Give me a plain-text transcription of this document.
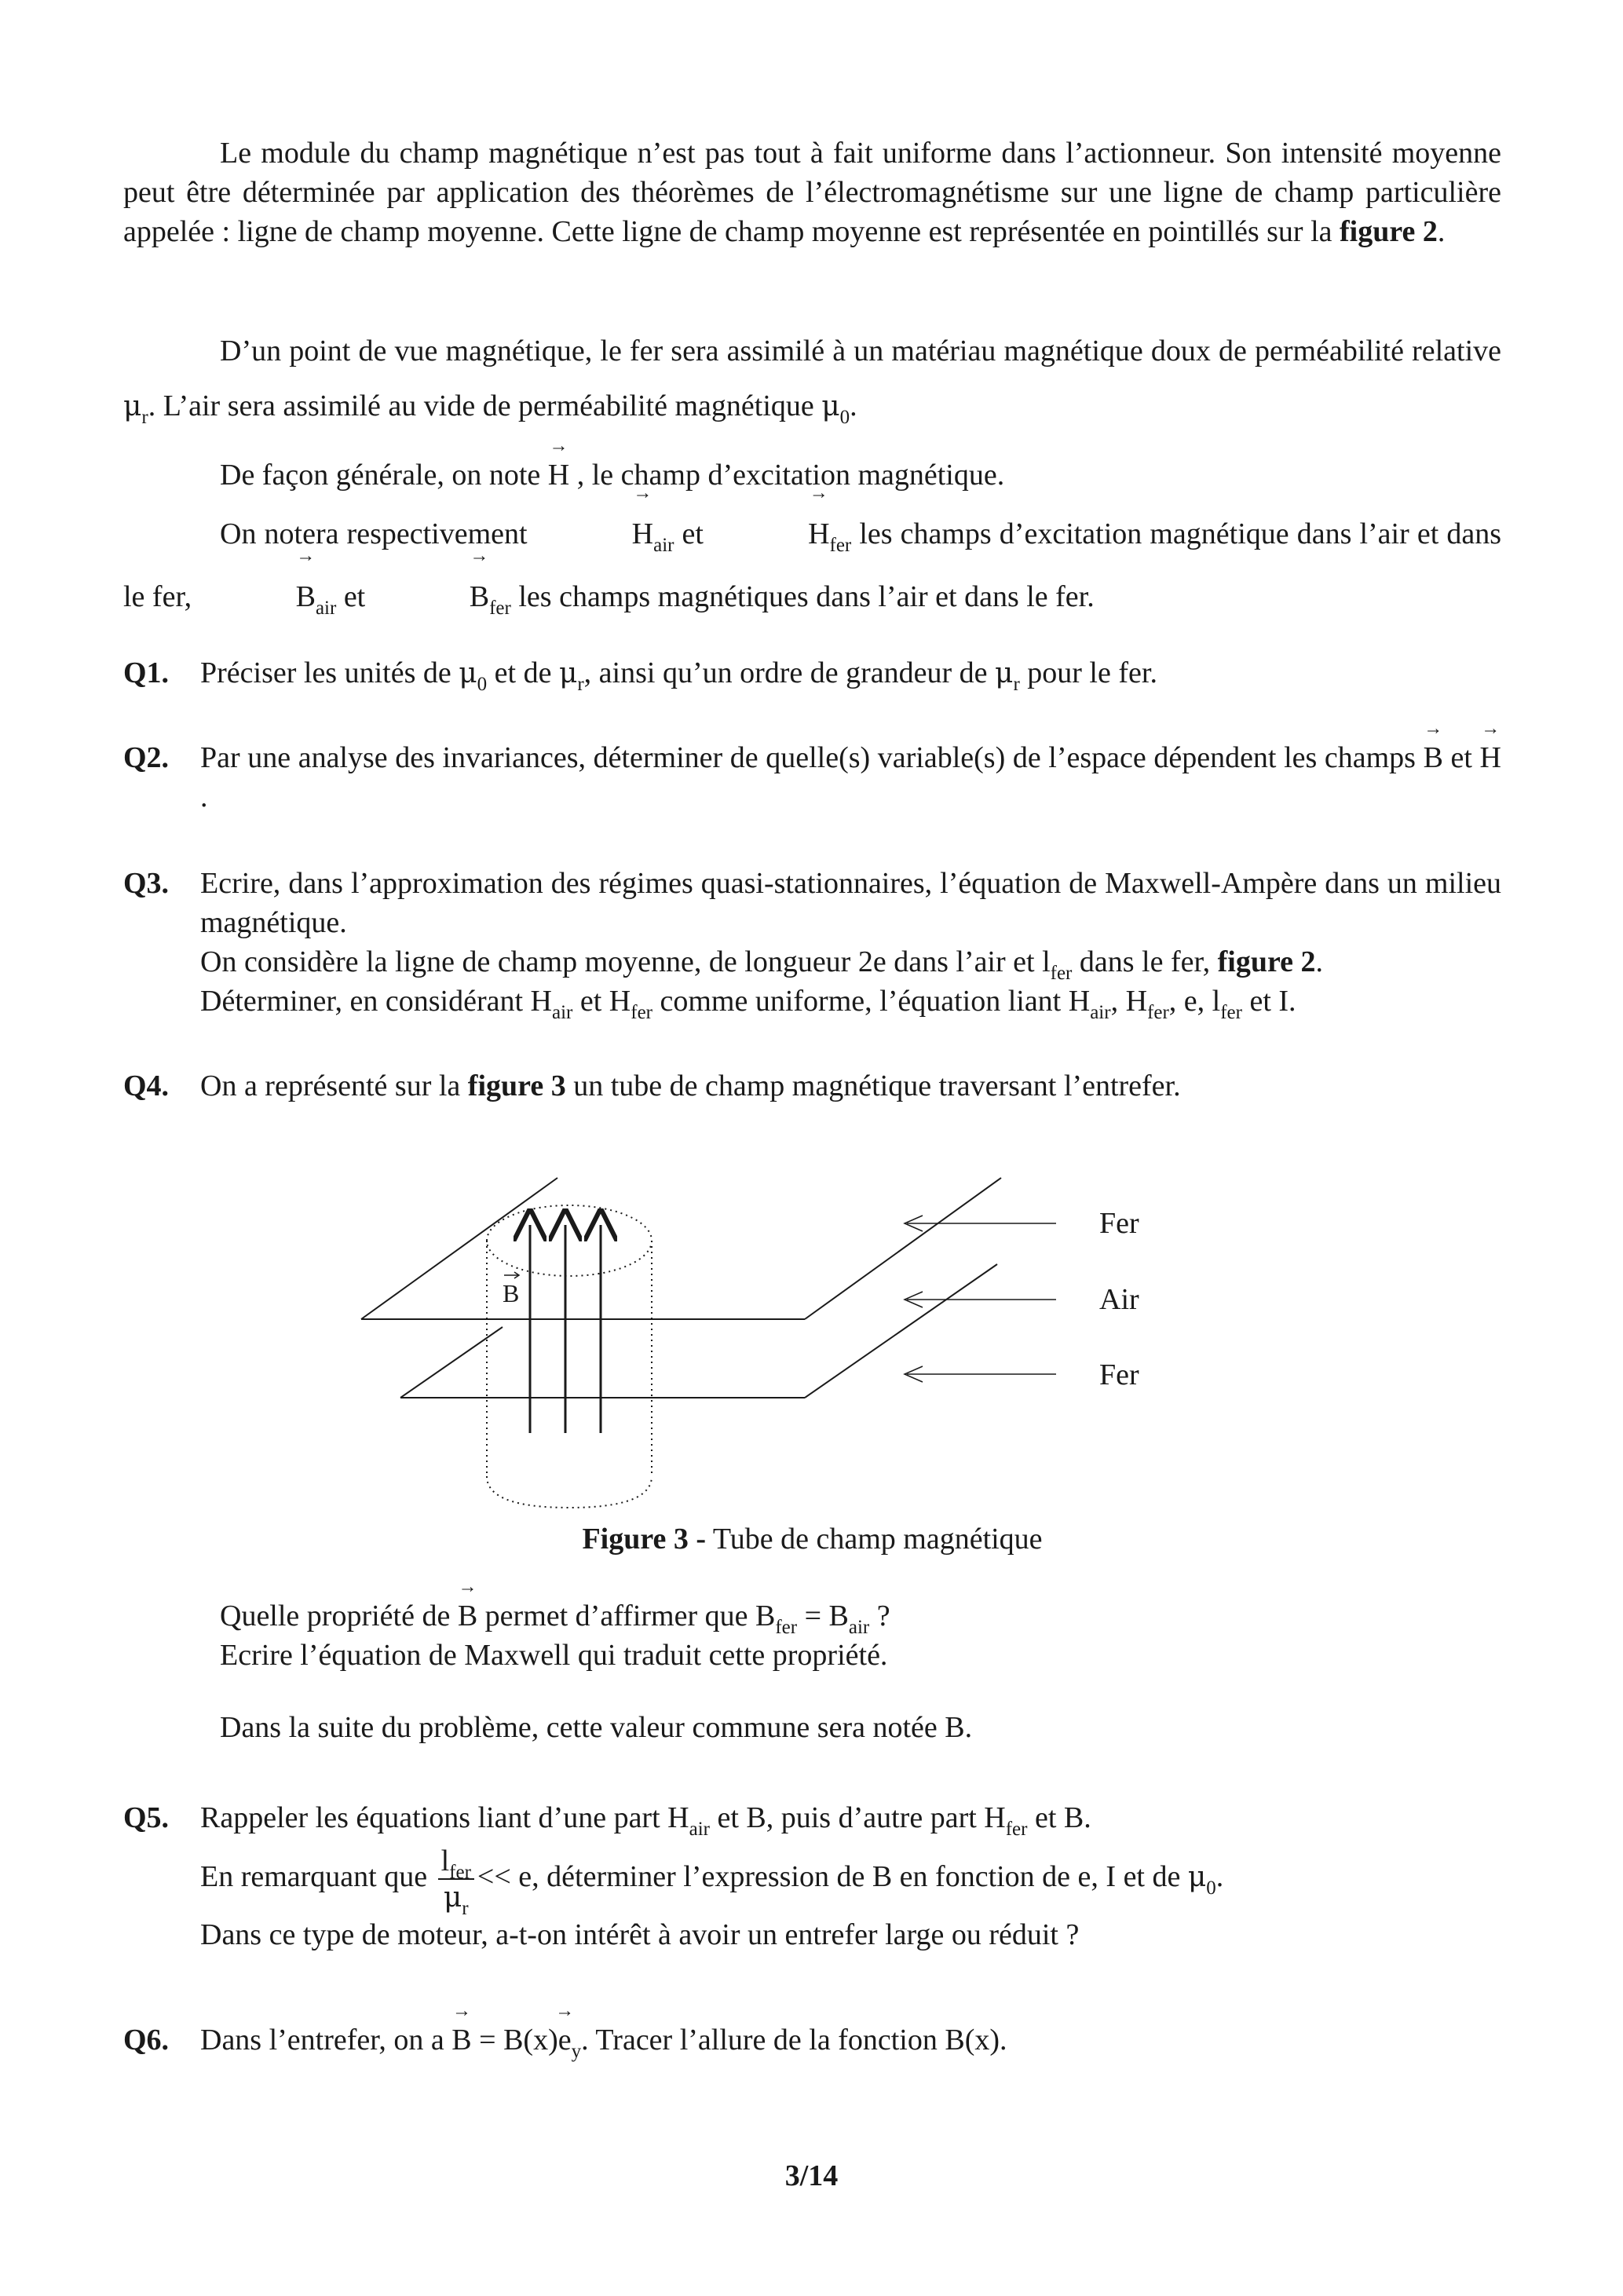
Le module du champ magnétique n’est pas tout à fait uniforme dans l’actionneur. Son intensité moyenne peut être déterminée par application des théorèmes de l’électromagnétisme sur une ligne de champ particulière appelée : ligne de champ moyenne. Cette ligne de champ moyenne est représentée en pointillés sur la figure 2.

D’un point de vue magnétique, le fer sera assimilé à un matériau magnétique doux de perméabilité relative $\mu_r$. L’air sera assimilé au vide de perméabilité magnétique $\mu_0$.

De façon générale, on note → H , le champ d’excitation magnétique.

On notera respectivement	→ $H_{air}$ et	→ $H_{fer}$ les champs d’excitation magnétique dans l’air et dans le fer,	→ $B_{air}$ et	→ $B_{fer}$ les champs magnétiques dans l’air et dans le fer.

Q1. Préciser les unités de $\mu_0$ et de $\mu_r$, ainsi qu’un ordre de grandeur de $\mu_r$ pour le fer.
Q2. Par une analyse des invariances, déterminer de quelle(s) variable(s) de l’espace dépendent les champs → B et → H .
Q3. Ecrire, dans l’approximation des régimes quasi-stationnaires, l’équation de Maxwell-Ampère dans un milieu magnétique.
On considère la ligne de champ moyenne, de longueur 2e dans l’air et $l_{fer}$ dans le fer, figure 2.
Déterminer, en considérant $H_{air}$ et $H_{fer}$ comme uniforme, l’équation liant $H_{air}$, $H_{fer}$, e, $l_{fer}$ et I.
Q4. On a représenté sur la figure 3 un tube de champ magnétique traversant l’entrefer.
B
Fer
Air
Fer
Figure 3 - Tube de champ magnétique
Quelle propriété de → B permet d’affirmer que $B_{fer} = B_{air}$ ?
Ecrire l’équation de Maxwell qui traduit cette propriété.
Dans la suite du problème, cette valeur commune sera notée B.
Q5. Rappeler les équations liant d’une part $H_{air}$ et B, puis d’autre part $H_{fer}$ et B.
En remarquant que $\frac{l_{fer}}{\mu_r} << e$, déterminer l’expression de B en fonction de e, I et de $\mu_0$.
Dans ce type de moteur, a-t-on intérêt à avoir un entrefer large ou réduit ?
Q6. Dans l’entrefer, on $a \to B = B(x)\to e_y$. Tracer l’allure de la fonction B(x).
3/14
